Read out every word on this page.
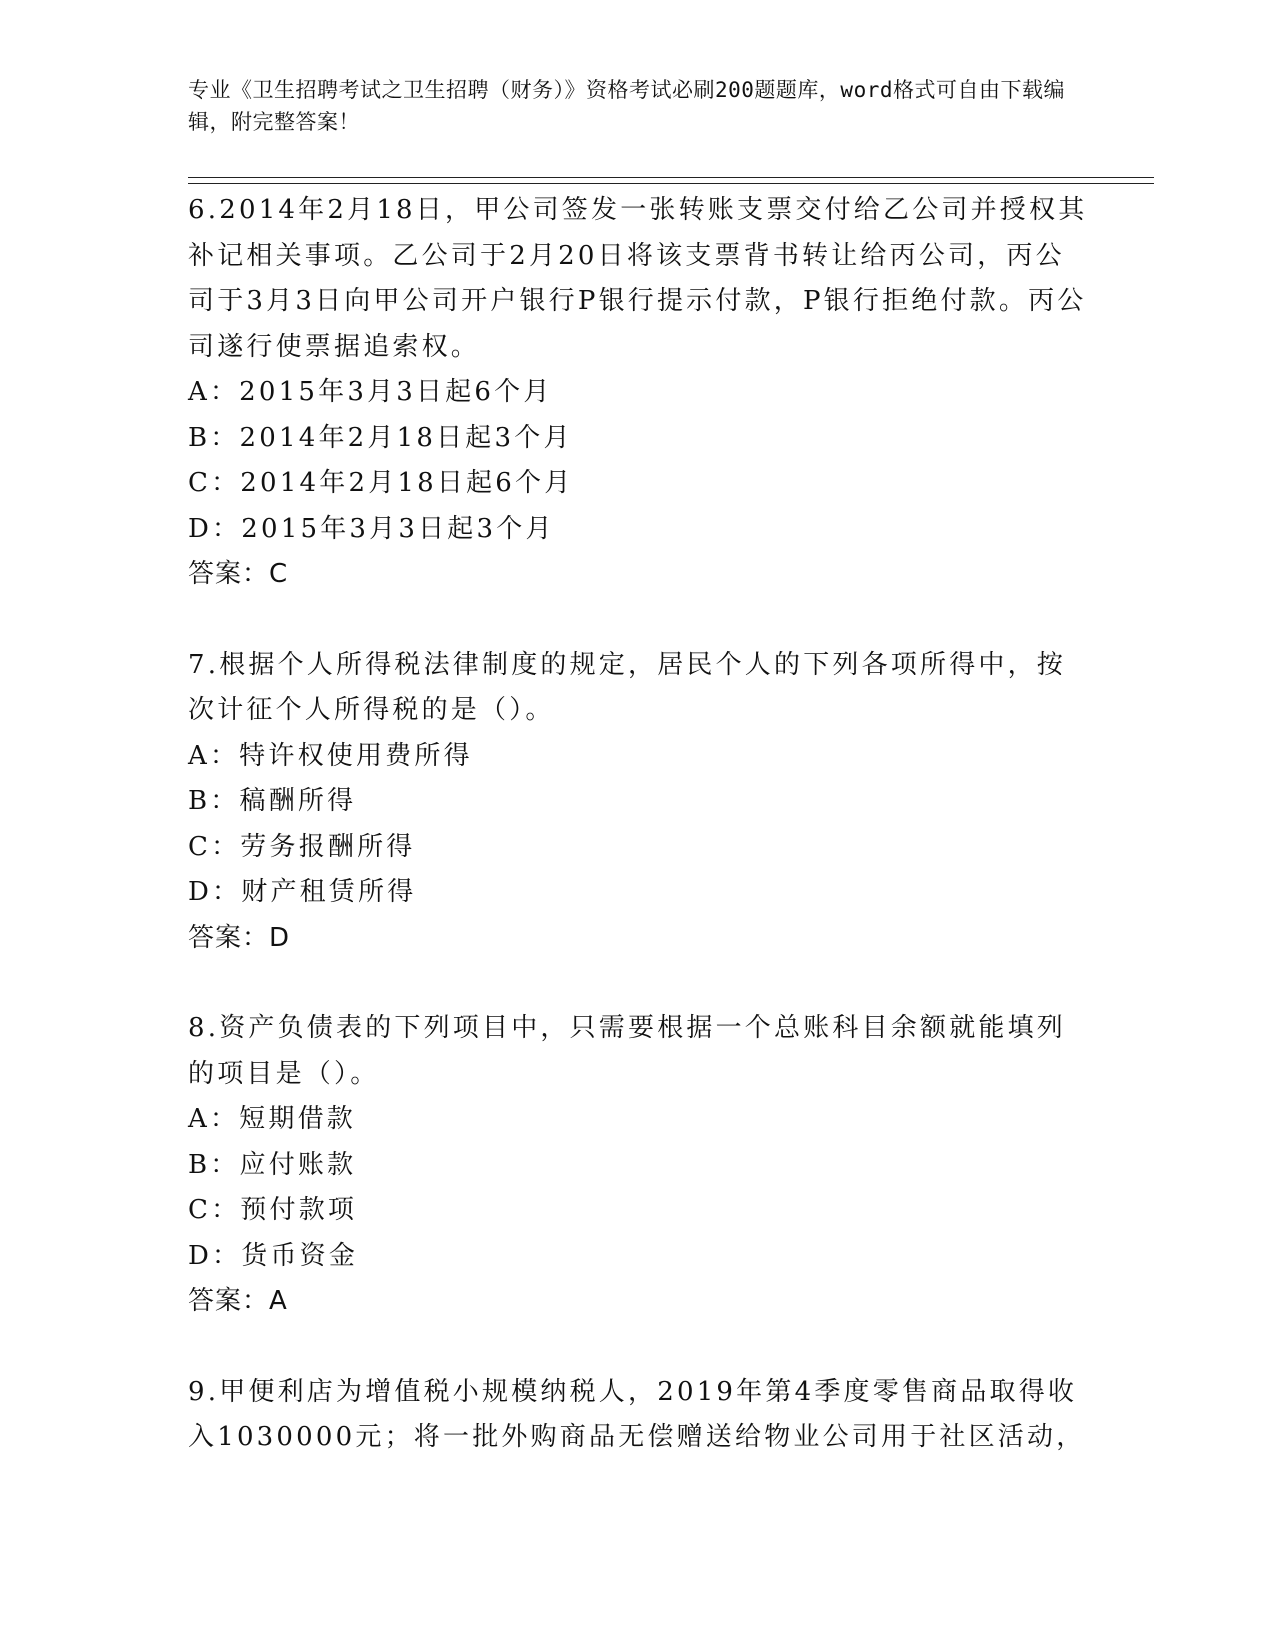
专业《卫生招聘考试之卫生招聘（财务）》资格考试必刷200题题库，word格式可自由下载编辑，附完整答案！

6.2014年2月18日，甲公司签发一张转账支票交付给乙公司并授权其补记相关事项。乙公司于2月20日将该支票背书转让给丙公司，丙公司于3月3日向甲公司开户银行P银行提示付款，P银行拒绝付款。丙公司遂行使票据追索权。

A：2015年3月3日起6个月

B：2014年2月18日起3个月

C：2014年2月18日起6个月

D：2015年3月3日起3个月

答案：C

7.根据个人所得税法律制度的规定，居民个人的下列各项所得中，按次计征个人所得税的是（）。

A：特许权使用费所得

B：稿酬所得

C：劳务报酬所得

D：财产租赁所得

答案：D

8.资产负债表的下列项目中，只需要根据一个总账科目余额就能填列的项目是（）。

A：短期借款

B：应付账款

C：预付款项

D：货币资金

答案：A

9.甲便利店为增值税小规模纳税人，2019年第4季度零售商品取得收入1030000元；将一批外购商品无偿赠送给物业公司用于社区活动，
